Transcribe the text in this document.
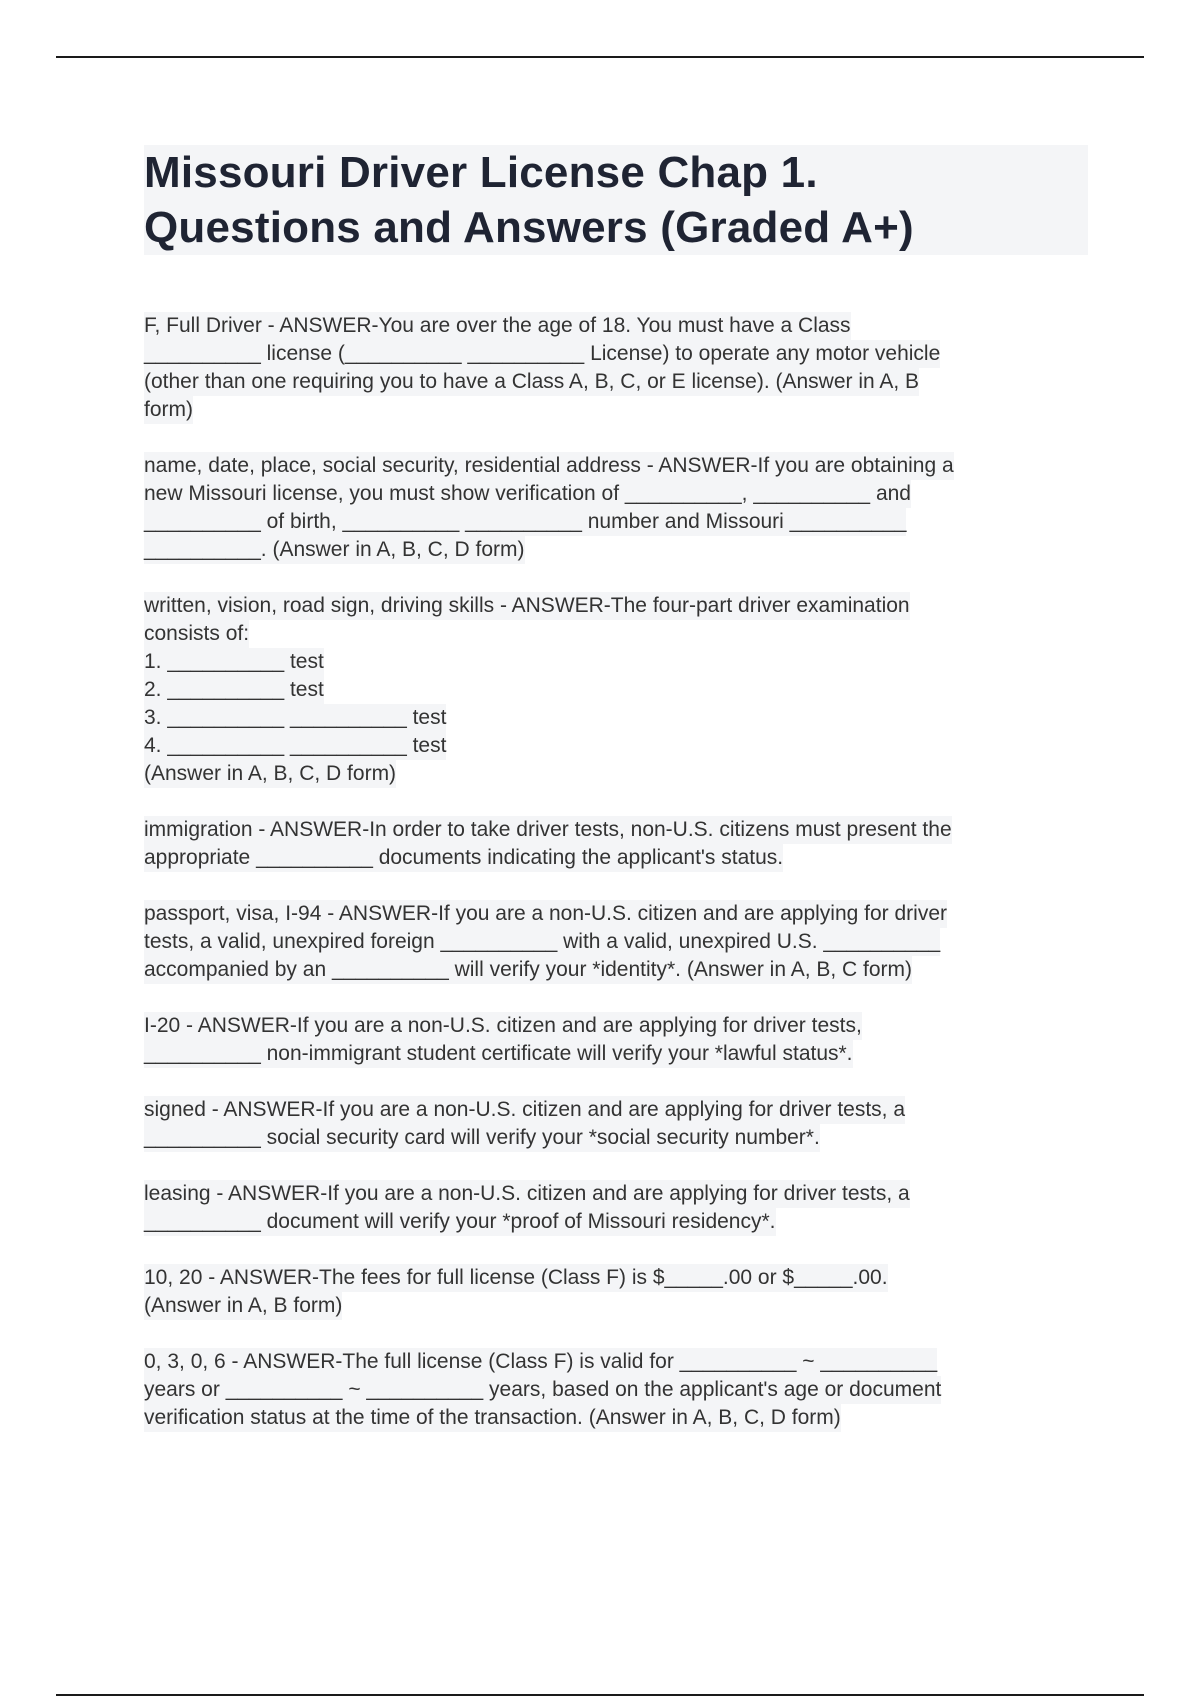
Missouri Driver License Chap 1.
Questions and Answers (Graded A+)
F, Full Driver - ANSWER-You are over the age of 18. You must have a Class
__________ license (__________ __________ License) to operate any motor vehicle
(other than one requiring you to have a Class A, B, C, or E license). (Answer in A, B
form)
name, date, place, social security, residential address - ANSWER-If you are obtaining a
new Missouri license, you must show verification of __________, __________ and
__________ of birth, __________ __________ number and Missouri __________
__________. (Answer in A, B, C, D form)
written, vision, road sign, driving skills - ANSWER-The four-part driver examination
consists of:
1. __________ test
2. __________ test
3. __________ __________ test
4. __________ __________ test
(Answer in A, B, C, D form)
immigration - ANSWER-In order to take driver tests, non-U.S. citizens must present the
appropriate __________ documents indicating the applicant's status.
passport, visa, I-94 - ANSWER-If you are a non-U.S. citizen and are applying for driver
tests, a valid, unexpired foreign __________ with a valid, unexpired U.S. __________
accompanied by an __________ will verify your *identity*. (Answer in A, B, C form)
I-20 - ANSWER-If you are a non-U.S. citizen and are applying for driver tests,
__________ non-immigrant student certificate will verify your *lawful status*.
signed - ANSWER-If you are a non-U.S. citizen and are applying for driver tests, a
__________ social security card will verify your *social security number*.
leasing - ANSWER-If you are a non-U.S. citizen and are applying for driver tests, a
__________ document will verify your *proof of Missouri residency*.
10, 20 - ANSWER-The fees for full license (Class F) is $_____.00 or $_____.00.
(Answer in A, B form)
0, 3, 0, 6 - ANSWER-The full license (Class F) is valid for __________ ~ __________
years or __________ ~ __________ years, based on the applicant's age or document
verification status at the time of the transaction. (Answer in A, B, C, D form)
